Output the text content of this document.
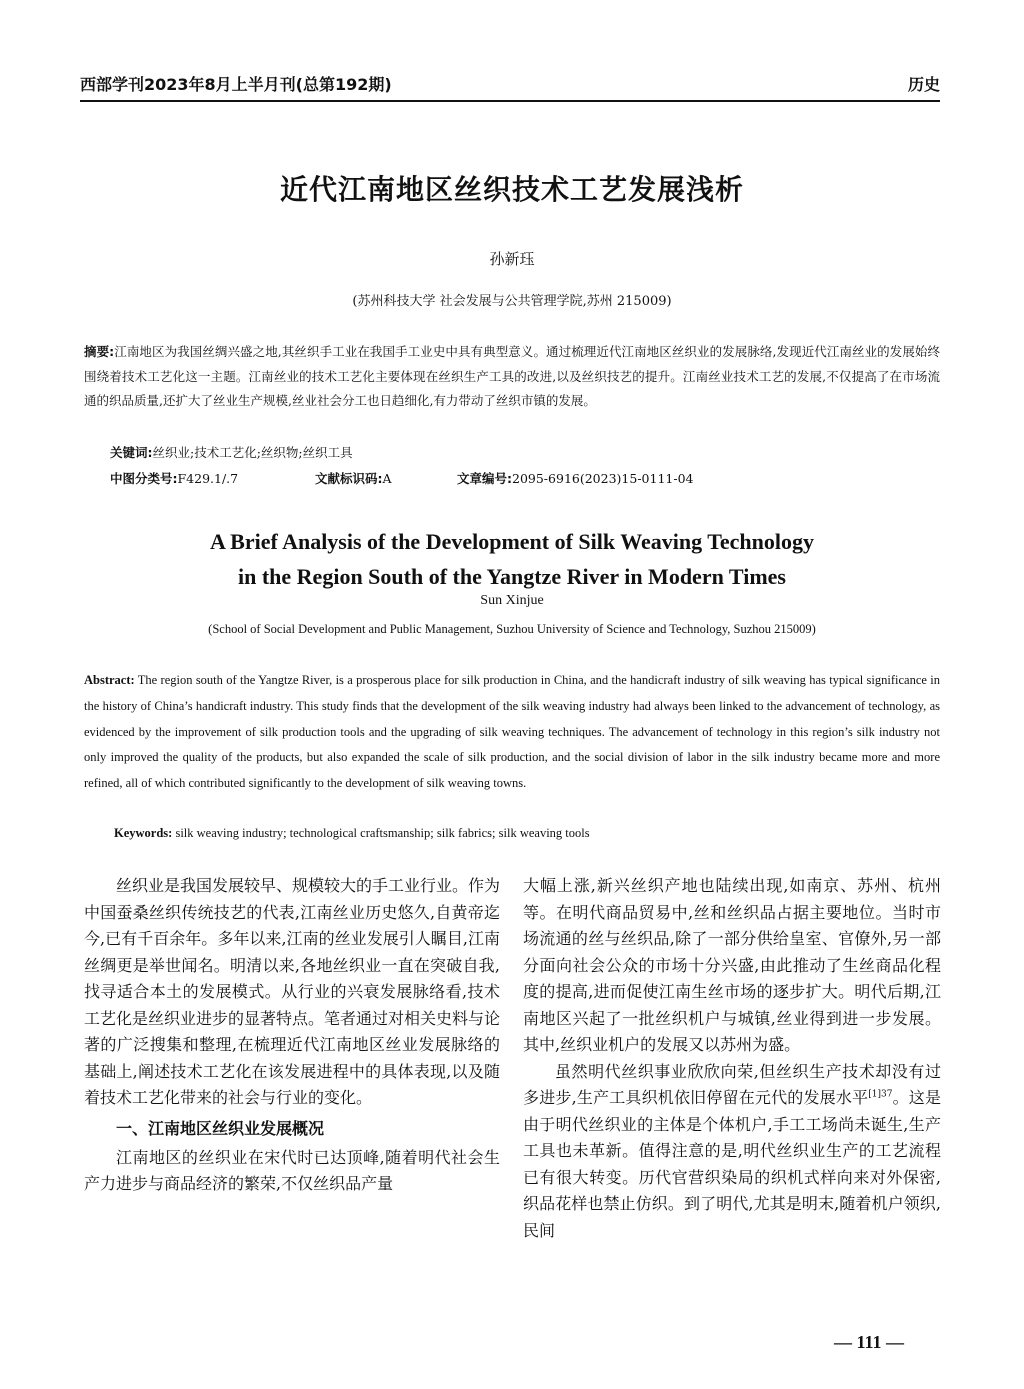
西部学刊2023年8月上半月刊(总第192期)	历史
近代江南地区丝织技术工艺发展浅析
孙新珏
(苏州科技大学 社会发展与公共管理学院,苏州 215009)
摘要:江南地区为我国丝绸兴盛之地,其丝织手工业在我国手工业史中具有典型意义。通过梳理近代江南地区丝织业的发展脉络,发现近代江南丝业的发展始终围绕着技术工艺化这一主题。江南丝业的技术工艺化主要体现在丝织生产工具的改进,以及丝织技艺的提升。江南丝业技术工艺的发展,不仅提高了在市场流通的织品质量,还扩大了丝业生产规模,丝业社会分工也日趋细化,有力带动了丝织市镇的发展。
关键词:丝织业;技术工艺化;丝织物;丝织工具
中图分类号:F429.1/.7	文献标识码:A	文章编号:2095-6916(2023)15-0111-04
A Brief Analysis of the Development of Silk Weaving Technology
in the Region South of the Yangtze River in Modern Times
Sun Xinjue
(School of Social Development and Public Management, Suzhou University of Science and Technology, Suzhou 215009)
Abstract: The region south of the Yangtze River, is a prosperous place for silk production in China, and the handicraft industry of silk weaving has typical significance in the history of China’s handicraft industry. This study finds that the development of the silk weaving industry had always been linked to the advancement of technology, as evidenced by the improvement of silk production tools and the upgrading of silk weaving techniques. The advancement of technology in this region’s silk industry not only improved the quality of the products, but also expanded the scale of silk production, and the social division of labor in the silk industry became more and more refined, all of which contributed significantly to the development of silk weaving towns.
Keywords: silk weaving industry; technological craftsmanship; silk fabrics; silk weaving tools

丝织业是我国发展较早、规模较大的手工业行业。作为中国蚕桑丝织传统技艺的代表,江南丝业历史悠久,自黄帝迄今,已有千百余年。多年以来,江南的丝业发展引人瞩目,江南丝绸更是举世闻名。明清以来,各地丝织业一直在突破自我,找寻适合本土的发展模式。从行业的兴衰发展脉络看,技术工艺化是丝织业进步的显著特点。笔者通过对相关史料与论著的广泛搜集和整理,在梳理近代江南地区丝业发展脉络的基础上,阐述技术工艺化在该发展进程中的具体表现,以及随着技术工艺化带来的社会与行业的变化。

一、江南地区丝织业发展概况

江南地区的丝织业在宋代时已达顶峰,随着明代社会生产力进步与商品经济的繁荣,不仅丝织品产量

大幅上涨,新兴丝织产地也陆续出现,如南京、苏州、杭州等。在明代商品贸易中,丝和丝织品占据主要地位。当时市场流通的丝与丝织品,除了一部分供给皇室、官僚外,另一部分面向社会公众的市场十分兴盛,由此推动了生丝商品化程度的提高,进而促使江南生丝市场的逐步扩大。明代后期,江南地区兴起了一批丝织机户与城镇,丝业得到进一步发展。其中,丝织业机户的发展又以苏州为盛。

虽然明代丝织事业欣欣向荣,但丝织生产技术却没有过多进步,生产工具织机依旧停留在元代的发展水平$^{[1]37}$。这是由于明代丝织业的主体是个体机户,手工工场尚未诞生,生产工具也未革新。值得注意的是,明代丝织业生产的工艺流程已有很大转变。历代官营织染局的织机式样向来对外保密,织品花样也禁止仿织。到了明代,尤其是明末,随着机户领织,民间

— 111 —
